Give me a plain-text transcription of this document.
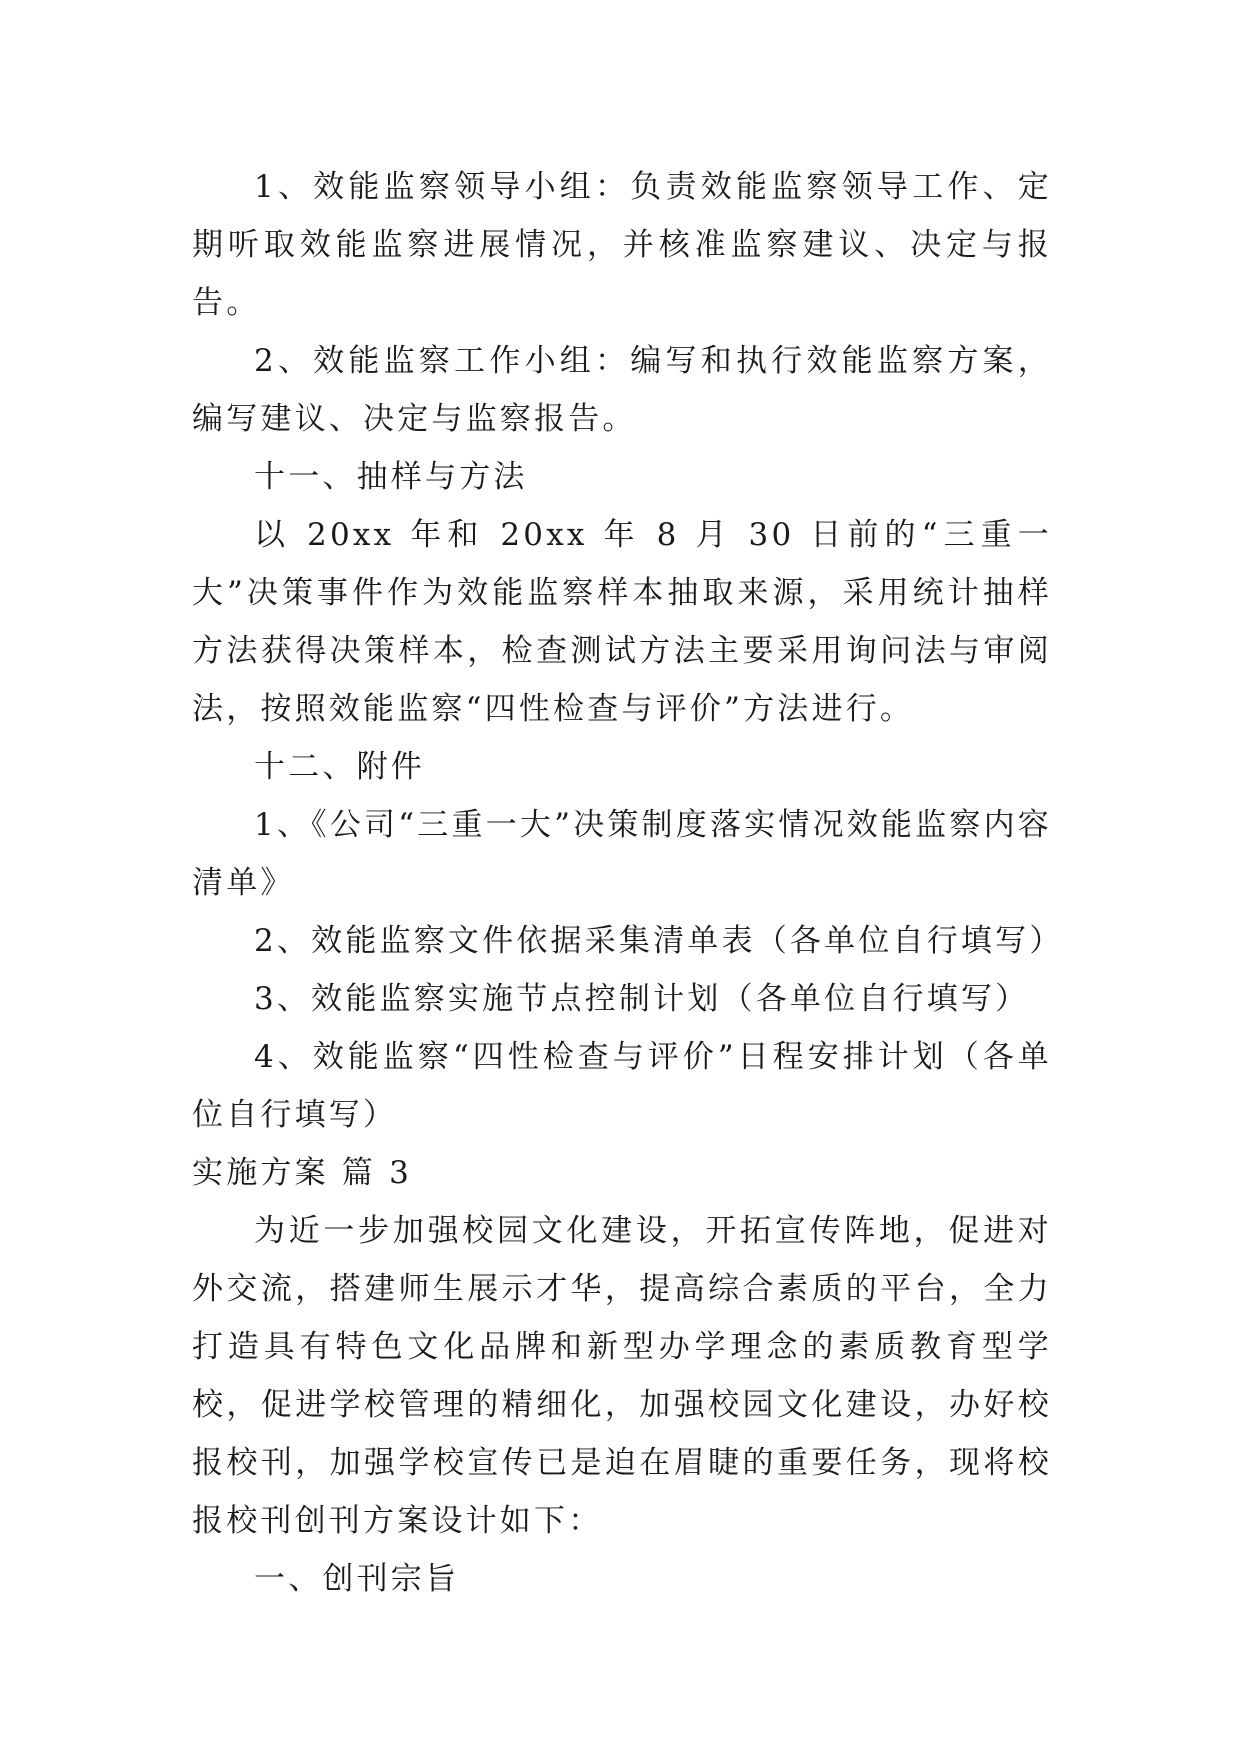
1、效能监察领导小组：负责效能监察领导工作、定期听取效能监察进展情况，并核准监察建议、决定与报告。

2、效能监察工作小组：编写和执行效能监察方案，编写建议、决定与监察报告。

十一、抽样与方法

以 20xx 年和 20xx 年 8 月 30 日前的“三重一大”决策事件作为效能监察样本抽取来源，采用统计抽样方法获得决策样本，检查测试方法主要采用询问法与审阅法，按照效能监察“四性检查与评价”方法进行。

十二、附件

1、《公司“三重一大”决策制度落实情况效能监察内容清单》

2、效能监察文件依据采集清单表（各单位自行填写）

3、效能监察实施节点控制计划（各单位自行填写）

4、效能监察“四性检查与评价”日程安排计划（各单位自行填写）

实施方案 篇 3

为近一步加强校园文化建设，开拓宣传阵地，促进对外交流，搭建师生展示才华，提高综合素质的平台，全力打造具有特色文化品牌和新型办学理念的素质教育型学校，促进学校管理的精细化，加强校园文化建设，办好校报校刊，加强学校宣传已是迫在眉睫的重要任务，现将校报校刊创刊方案设计如下：

一、创刊宗旨
